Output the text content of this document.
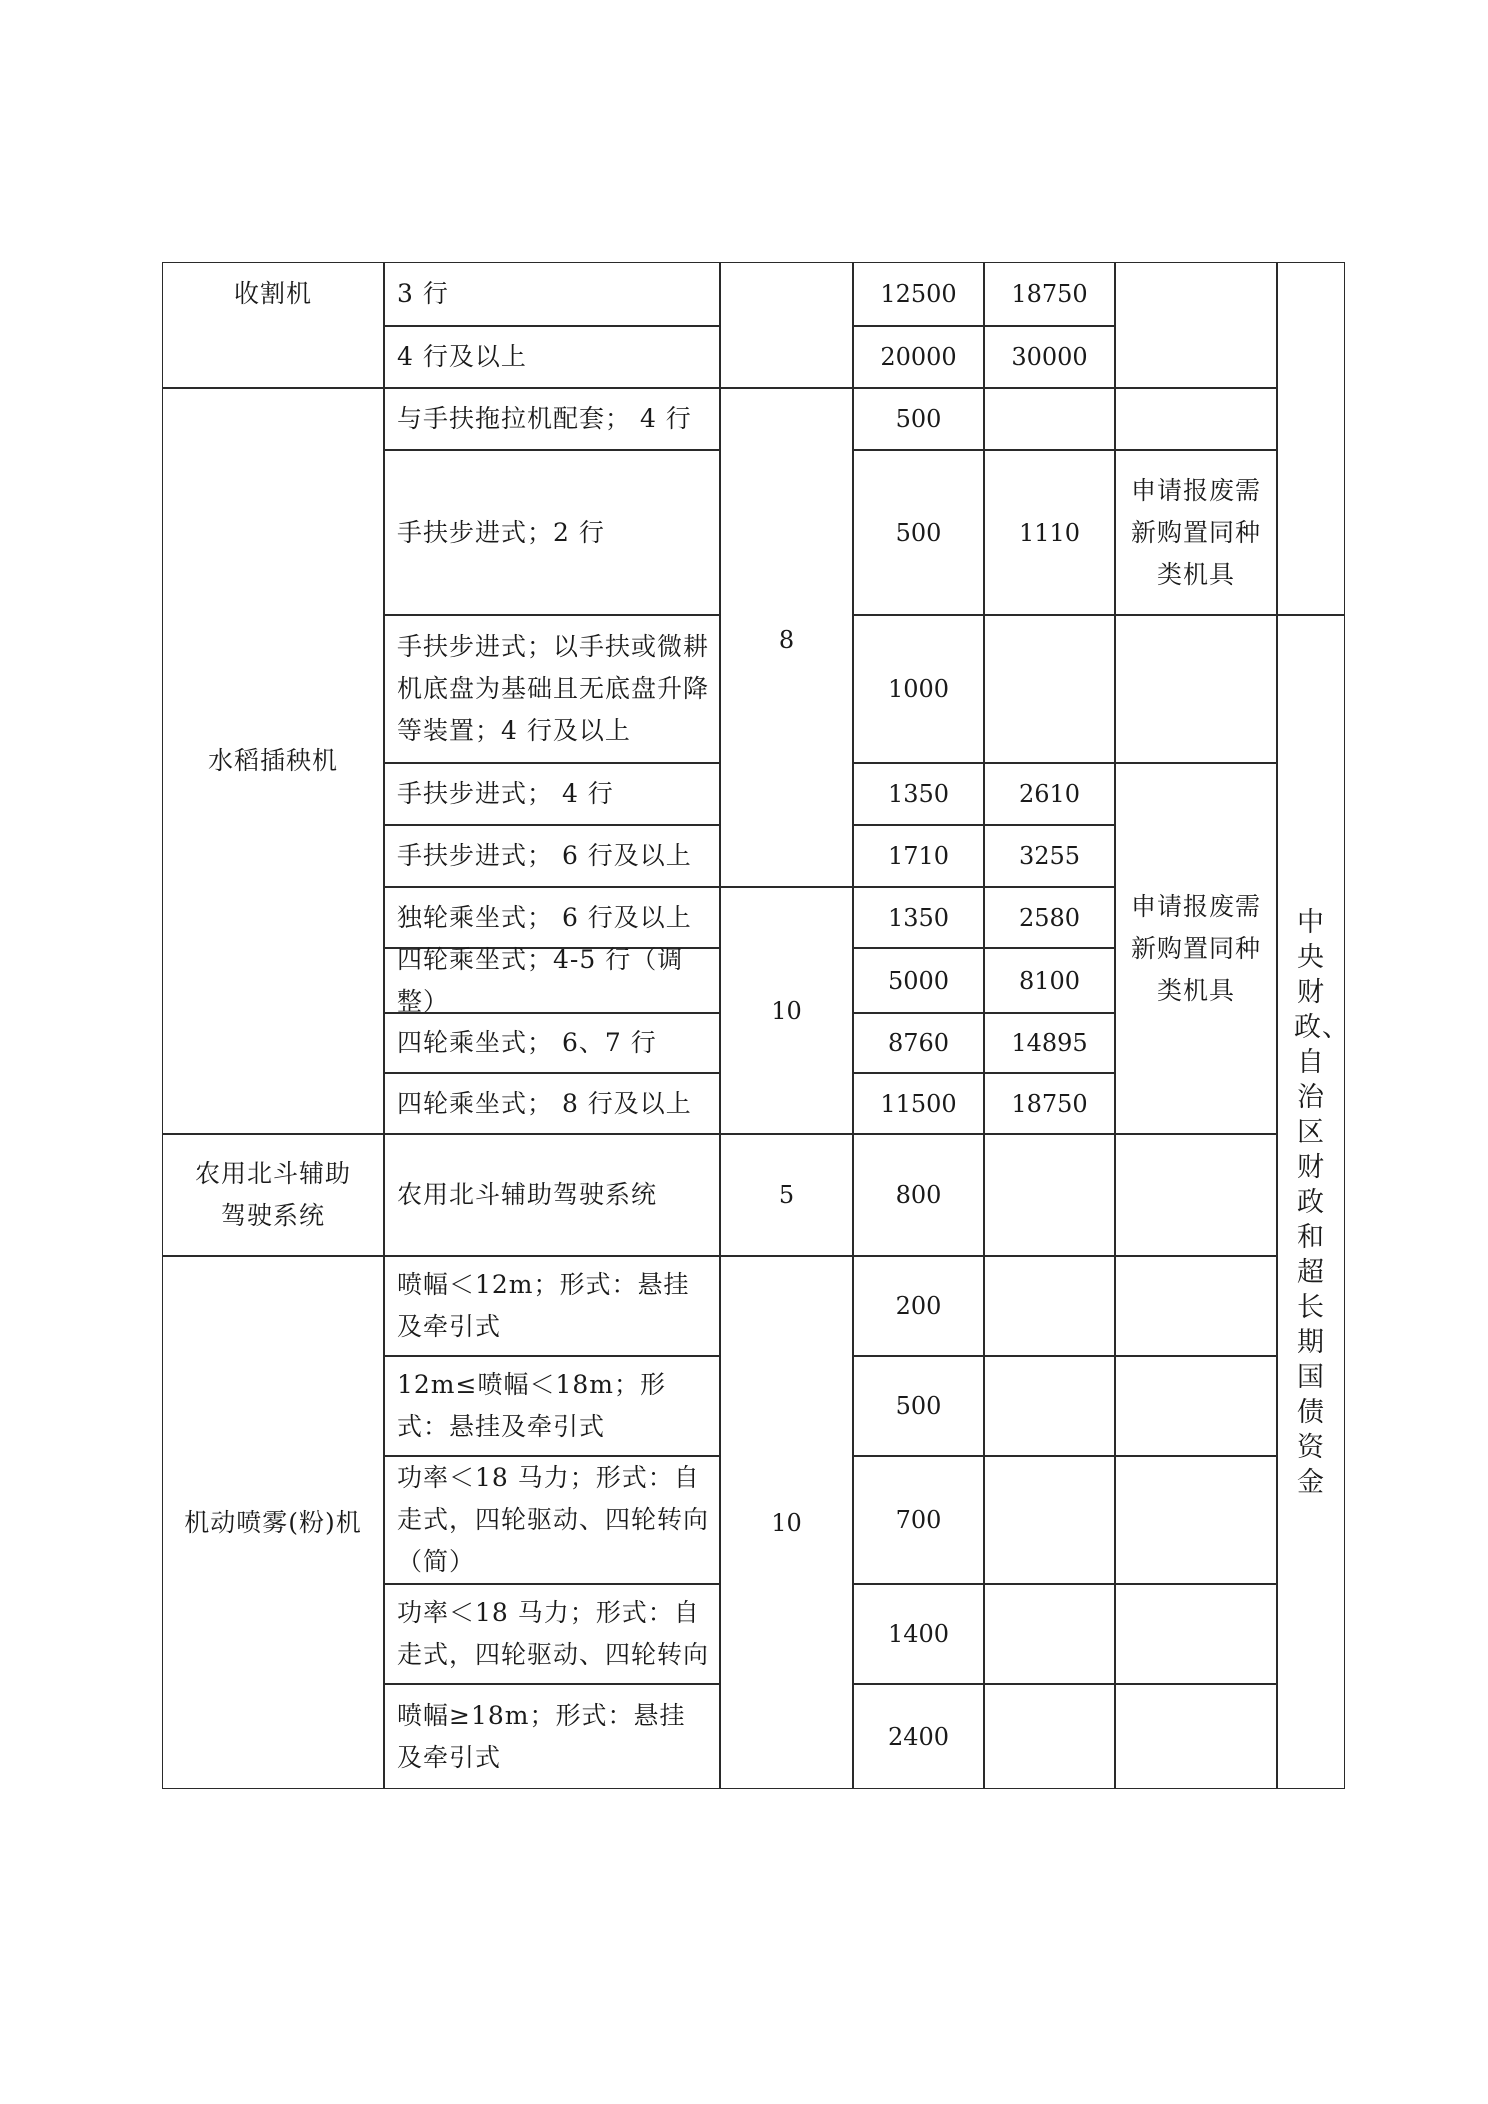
收割机
水稻插秧机
农用北斗辅助驾驶系统
机动喷雾(粉)机
3 行
4 行及以上
与手扶拖拉机配套； 4 行
手扶步进式；2 行
手扶步进式；以手扶或微耕机底盘为基础且无底盘升降等装置；4 行及以上
手扶步进式； 4 行
手扶步进式； 6 行及以上
独轮乘坐式； 6 行及以上
四轮乘坐式；4-5 行（调整）
四轮乘坐式； 6、7 行
四轮乘坐式； 8 行及以上
农用北斗辅助驾驶系统
喷幅＜12m；形式：悬挂及牵引式
12m≤喷幅＜18m；形式：悬挂及牵引式
功率＜18 马力；形式：自走式，四轮驱动、四轮转向（简）
功率＜18 马力；形式：自走式，四轮驱动、四轮转向
喷幅≥18m；形式：悬挂及牵引式
8
10
5
10
12500
20000
500
500
1000
1350
1710
1350
5000
8760
11500
800
200
500
700
1400
2400
18750
30000
1110
2610
3255
2580
8100
14895
18750
申请报废需新购置同种类机具
申请报废需新购置同种类机具
中央财政、自治区财政和超长期国债资金
